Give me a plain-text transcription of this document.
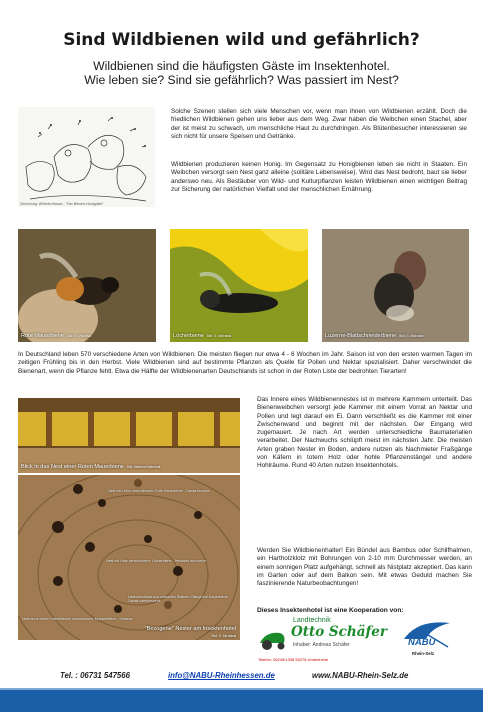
Sind Wildbienen wild und gefährlich?
Wildbienen sind die häufigsten Gäste im Insektenhotel.
Wie leben sie? Sind sie gefährlich? Was passiert im Nest?
Zeichnung: Wilhelm Busch - "Der Bienen-Honigdieb"
Solche Szenen stellen sich viele Menschen vor, wenn man ihnen von Wildbienen erzählt. Doch die friedlichen Wildbienen gehen uns lieber aus dem Weg. Zwar haben die Weibchen einen Stachel, aber der ist meist zu schwach, um menschliche Haut zu durchdringen. Als Blütenbesucher interessieren sie sich nicht für unsere Speisen und Getränke.
Wildbienen produzieren keinen Honig. Im Gegensatz zu Honigbienen leben sie nicht in Staaten. Ein Weibchen versorgt sein Nest ganz alleine (solitäre Lebensweise). Wird das Nest bedroht, baut sie lieber anderswo neu. Als Bestäuber von Wild- und Kulturpflanzen leisten Wildbienen einen wichtigen Beitrag zur Sicherung der natürlichen Vielfalt und der menschlichen Ernährung.
Rote Mauerbiene Bild: G. Michalski	Löcherbiene Bild: G. Michalski	Luzerne-Blattschneiderbiene Bild: G. Michalski
In Deutschland leben 570 verschiedene Arten von Wildbienen. Die meisten fliegen nur etwa 4 - 6 Wochen im Jahr. Saison ist von den ersten warmen Tagen im zeitigen Frühling bis in den Herbst. Viele Wildbienen sind auf bestimmte Pflanzen als Quelle für Pollen und Nektar spezialisiert. Daher verschwindet die Bienenart, wenn die Pflanze fehlt. Etwa die Hälfte der Wildbienenarten Deutschlands ist schon in der Roten Liste der bedrohten Tierarten!
Blick in das Nest einer Roten Mauerbiene Bild: Manfred Hölterhoff
Nest mit Lehm verschlossen: Rote Mauerbiene - Osmia bicornis
Nest mit Harz verschlossen: Löcherbiene - Heriades truncorum
Nestverschluss aus zerkauten Blättern: Blaugrüne Mauerbiene - Osmia caerulescens
Nest durch einen Sekretdeckel verschlossen: Maskenbiene - Hylaeus
"Bezogene" Nester am Insektenhotel
Bild: G. Michalski
Das Innere eines Wildbienennestes ist in mehrere Kammern unterteilt. Das Bienenweibchen versorgt jede Kammer mit einem Vorrat an Nektar und Pollen und legt darauf ein Ei. Dann verschließt es die Kammer mit einer Zwischenwand und beginnt mit der nächsten. Der Eingang wird zugemauert. Je nach Art werden unterschiedliche Baumaterialien verarbeitet. Der Nachwuchs schlüpft meist im nächsten Jahr. Die meisten Arten graben Nester im Boden, andere nutzen als Nachmieter Fraßgänge von Käfern in totem Holz oder hohle Pflanzenstängel und andere Hohlräume. Rund 40 Arten nutzen Insektenhotels.
Werden Sie Wildbienenhalter! Ein Bündel aus Bambus oder Schilfhalmen, ein Hartholzklotz mit Bohrungen von 2-10 mm Durchmesser werden, an einem sonnigen Platz aufgehängt, schnell als Nistplatz akzeptiert. Das kann im Garten oder auf dem Balkon sein. Mit etwas Geduld machen Sie faszinierende Naturbeobachtungen!
Dieses Insektenhotel ist eine Kooperation von:
Landtechnik
Otto Schäfer
Inhaber: Andreas Schäfer
Telefon: 06249/1338 55278 Undenheim
NABU
Rhein-Selz
Tel. : 06731 547566	info@NABU-Rheinhessen.de	www.NABU-Rhein-Selz.de
